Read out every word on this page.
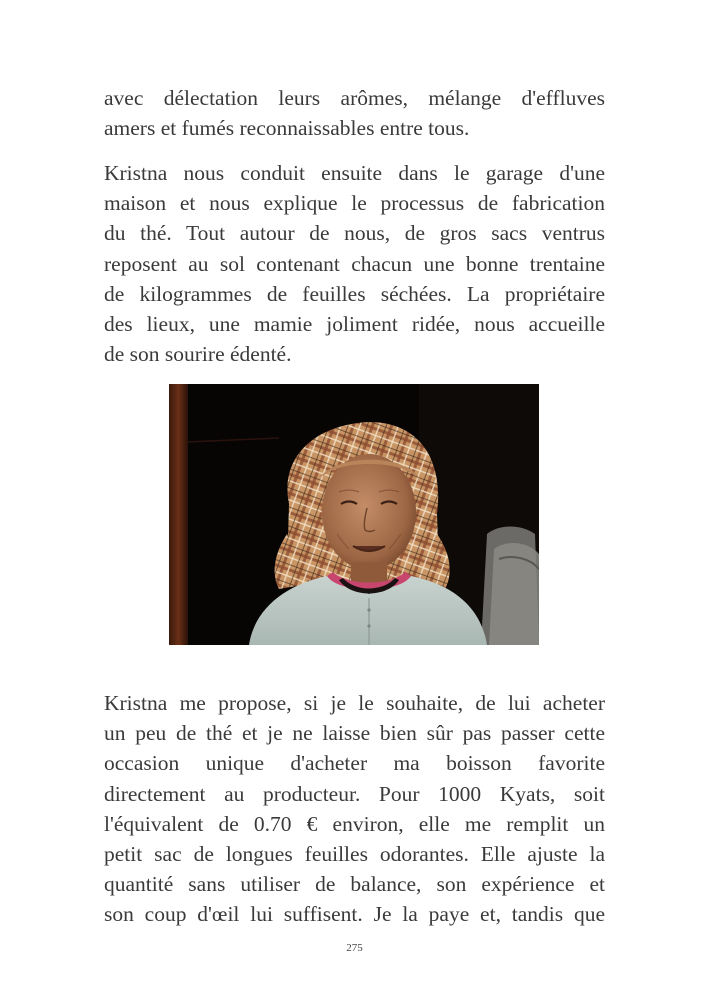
avec délectation leurs arômes, mélange d'effluves
amers et fumés reconnaissables entre tous.

Kristna nous conduit ensuite dans le garage d'une
maison et nous explique le processus de fabrication
du thé. Tout autour de nous, de gros sacs ventrus
reposent au sol contenant chacun une bonne trentaine
de kilogrammes de feuilles séchées. La propriétaire
des lieux, une mamie joliment ridée, nous accueille
de son sourire édenté.

Kristna me propose, si je le souhaite, de lui acheter
un peu de thé et je ne laisse bien sûr pas passer cette
occasion unique d'acheter ma boisson favorite
directement au producteur. Pour 1000 Kyats, soit
l'équivalent de 0.70 € environ, elle me remplit un
petit sac de longues feuilles odorantes. Elle ajuste la
quantité sans utiliser de balance, son expérience et
son coup d'œil lui suffisent. Je la paye et, tandis que

275
